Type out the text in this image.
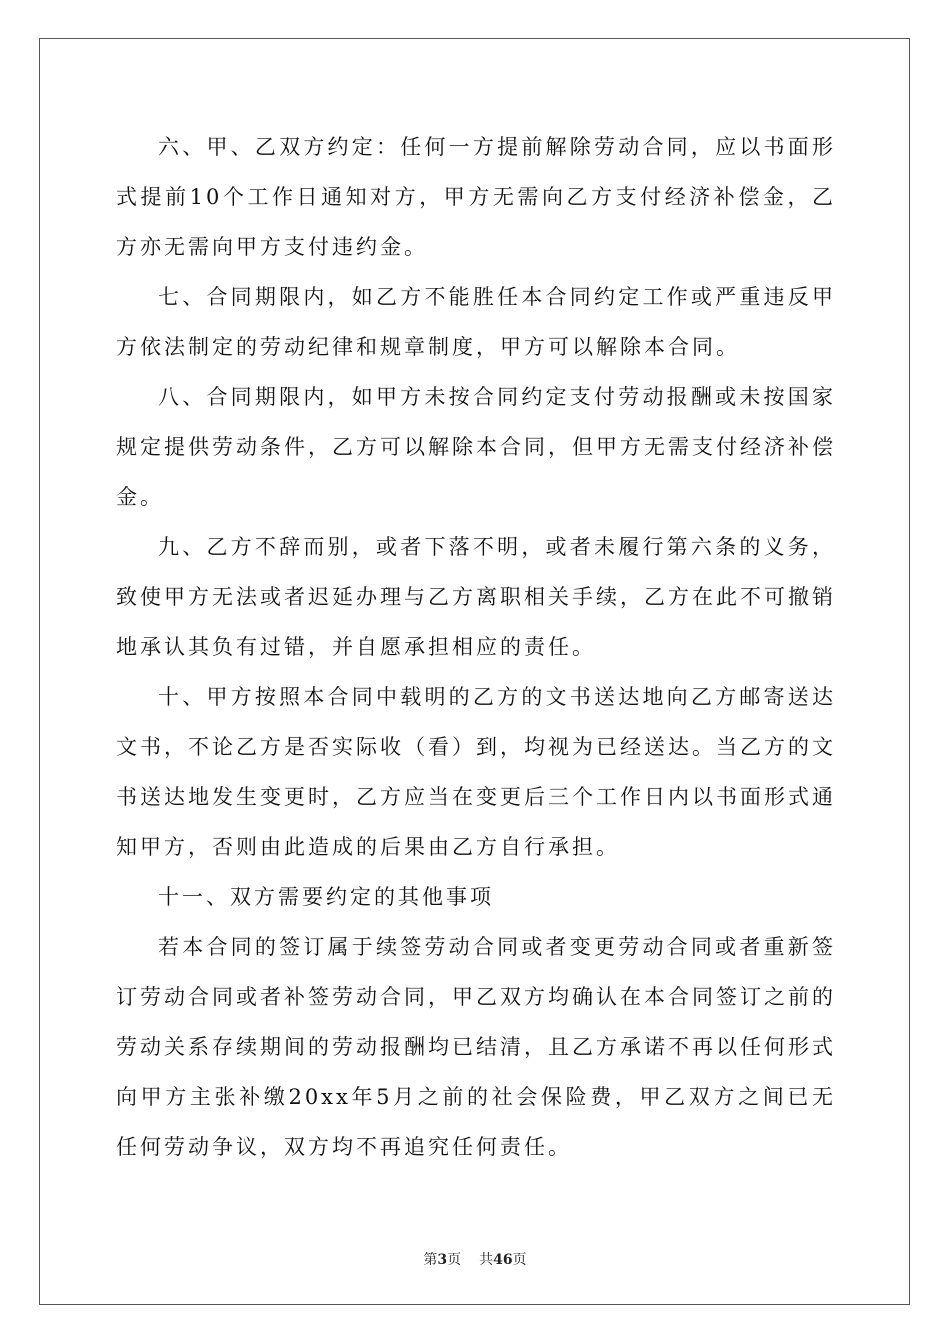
六、甲、乙双方约定：任何一方提前解除劳动合同，应以书面形式提前10个工作日通知对方，甲方无需向乙方支付经济补偿金，乙方亦无需向甲方支付违约金。

七、合同期限内，如乙方不能胜任本合同约定工作或严重违反甲方依法制定的劳动纪律和规章制度，甲方可以解除本合同。

八、合同期限内，如甲方未按合同约定支付劳动报酬或未按国家规定提供劳动条件，乙方可以解除本合同，但甲方无需支付经济补偿金。

九、乙方不辞而别，或者下落不明，或者未履行第六条的义务，致使甲方无法或者迟延办理与乙方离职相关手续，乙方在此不可撤销地承认其负有过错，并自愿承担相应的责任。

十、甲方按照本合同中载明的乙方的文书送达地向乙方邮寄送达文书，不论乙方是否实际收（看）到，均视为已经送达。当乙方的文书送达地发生变更时，乙方应当在变更后三个工作日内以书面形式通知甲方，否则由此造成的后果由乙方自行承担。

十一、双方需要约定的其他事项

若本合同的签订属于续签劳动合同或者变更劳动合同或者重新签订劳动合同或者补签劳动合同，甲乙双方均确认在本合同签订之前的劳动关系存续期间的劳动报酬均已结清，且乙方承诺不再以任何形式向甲方主张补缴20xx年5月之前的社会保险费，甲乙双方之间已无任何劳动争议，双方均不再追究任何责任。

第3页 共46页
